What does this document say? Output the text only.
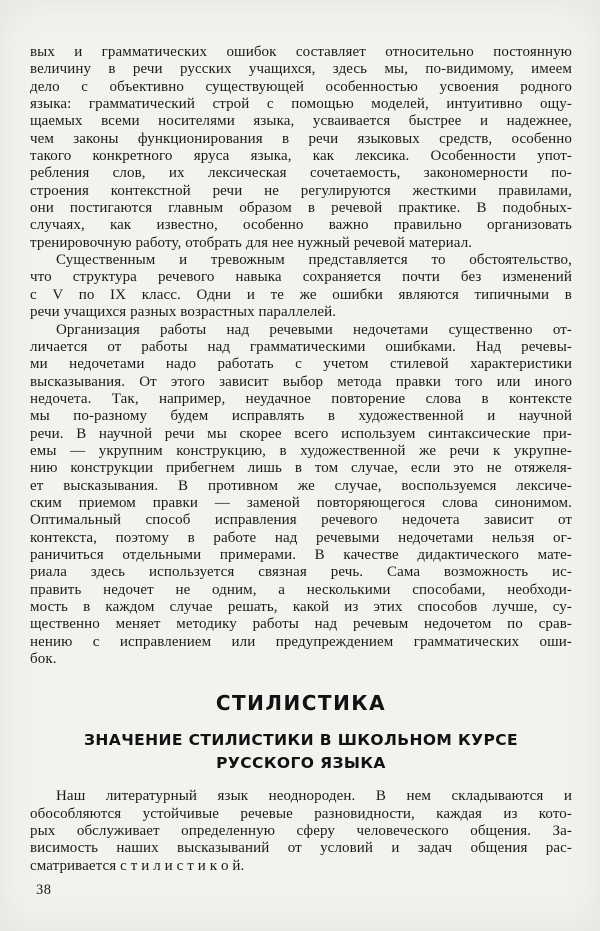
вых и грамматических ошибок составляет относительно постоянную
величину в речи русских учащихся, здесь мы, по-видимому, имеем
дело с объективно существующей особенностью усвоения родного
языка: грамматический строй с помощью моделей, интуитивно ощу-
щаемых всеми носителями языка, усваивается быстрее и надежнее,
чем законы функционирования в речи языковых средств, особенно
такого конкретного яруса языка, как лексика. Особенности упот-
ребления слов, их лексическая сочетаемость, закономерности по-
строения контекстной речи не регулируются жесткими правилами,
они постигаются главным образом в речевой практике. В подобных-
случаях, как известно, особенно важно правильно организовать
тренировочную работу, отобрать для нее нужный речевой материал.
Существенным и тревожным представляется то обстоятельство,
что структура речевого навыка сохраняется почти без изменений
с V по IX класс. Одни и те же ошибки являются типичными в
речи учащихся разных возрастных параллелей.
Организация работы над речевыми недочетами существенно от-
личается от работы над грамматическими ошибками. Над речевы-
ми недочетами надо работать с учетом стилевой характеристики
высказывания. От этого зависит выбор метода правки того или иного
недочета. Так, например, неудачное повторение слова в контексте
мы по-разному будем исправлять в художественной и научной
речи. В научной речи мы скорее всего используем синтаксические при-
емы — укрупним конструкцию, в художественной же речи к укрупне-
нию конструкции прибегнем лишь в том случае, если это не отяжеля-
ет высказывания. В противном же случае, воспользуемся лексиче-
ским приемом правки — заменой повторяющегося слова синонимом.
Оптимальный способ исправления речевого недочета зависит от
контекста, поэтому в работе над речевыми недочетами нельзя ог-
раничиться отдельными примерами. В качестве дидактического мате-
риала здесь используется связная речь. Сама возможность ис-
править недочет не одним, а несколькими способами, необходи-
мость в каждом случае решать, какой из этих способов лучше, су-
щественно меняет методику работы над речевым недочетом по срав-
нению с исправлением или предупреждением грамматических оши-
бок.
СТИЛИСТИКА
ЗНАЧЕНИЕ СТИЛИСТИКИ В ШКОЛЬНОМ КУРСЕ
РУССКОГО ЯЗЫКА
Наш литературный язык неоднороден. В нем складываются и
обособляются устойчивые речевые разновидности, каждая из кото-
рых обслуживает определенную сферу человеческого общения. За-
висимость наших высказываний от условий и задач общения рас-
сматривается с т и л и с т и к о й.
38
